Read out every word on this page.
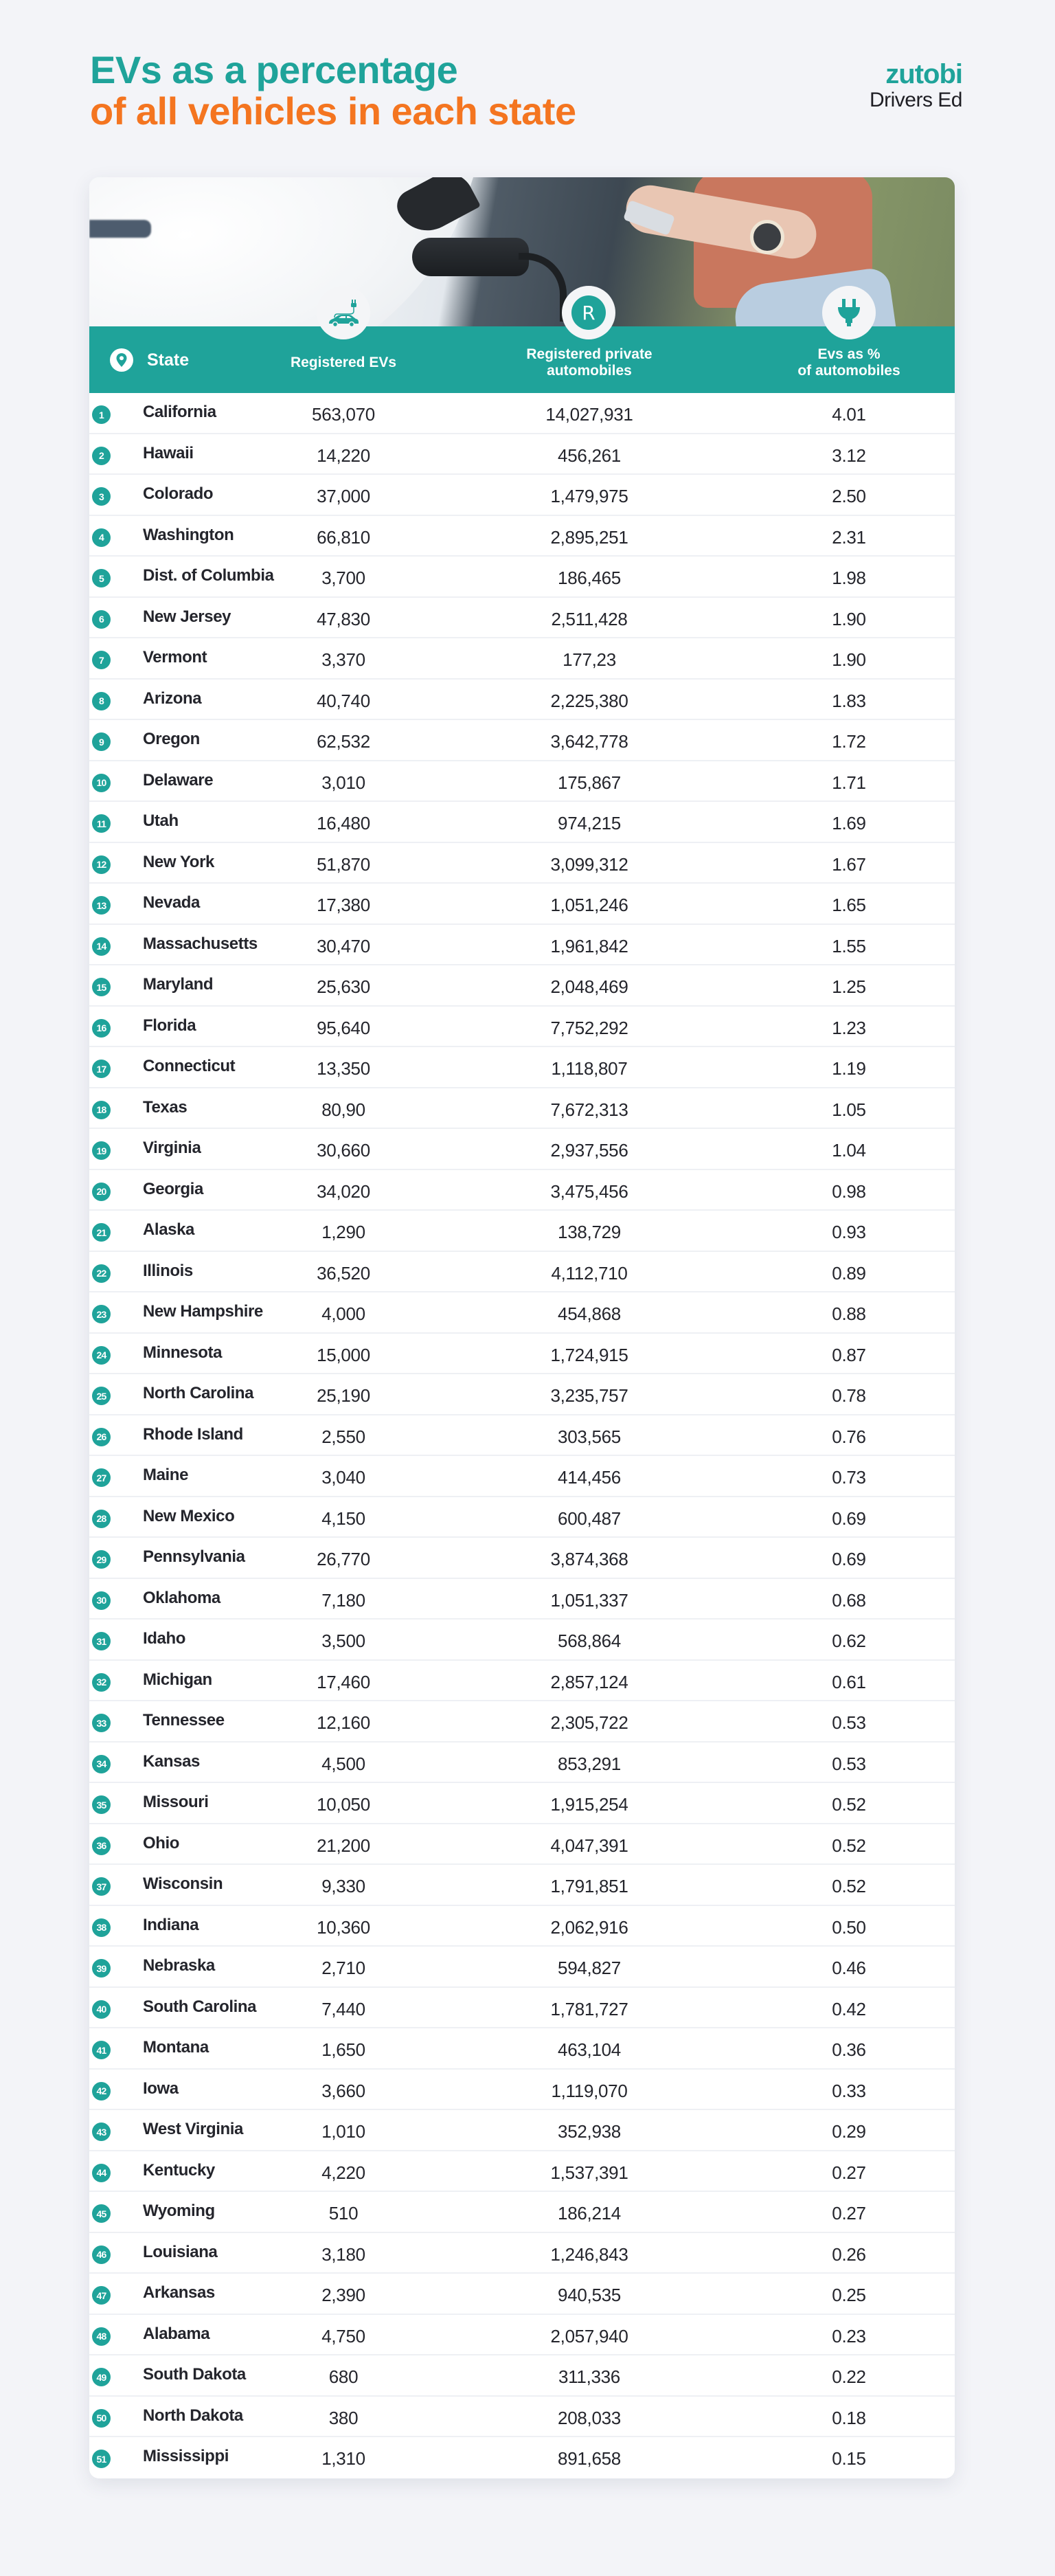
EVs as a percentage
of all vehicles in each state
zutobi
Drivers Ed
State	Registered EVs
Registered private
automobiles
Evs as %
of automobiles
R
1	California	563,070	14,027,931	4.01
2	Hawaii	14,220	456,261	3.12
3	Colorado	37,000	1,479,975	2.50
4	Washington	66,810	2,895,251	2.31
5	Dist. of Columbia	3,700	186,465	1.98
6	New Jersey	47,830	2,511,428	1.90
7	Vermont	3,370	177,23	1.90
8	Arizona	40,740	2,225,380	1.83
9	Oregon	62,532	3,642,778	1.72
10 Delaware	3,010	175,867	1.71
11 Utah	16,480	974,215	1.69
12 New York	51,870	3,099,312	1.67
13 Nevada	17,380	1,051,246	1.65
14 Massachusetts	30,470	1,961,842	1.55
15 Maryland	25,630	2,048,469	1.25
16 Florida	95,640	7,752,292	1.23
17 Connecticut	13,350	1,118,807	1.19
18 Texas	80,90	7,672,313	1.05
19 Virginia	30,660	2,937,556	1.04
20 Georgia	34,020	3,475,456	0.98
21 Alaska	1,290	138,729	0.93
22 Illinois	36,520	4,112,710	0.89
23 New Hampshire	4,000	454,868	0.88
24 Minnesota	15,000	1,724,915	0.87
25 North Carolina	25,190	3,235,757	0.78
26 Rhode Island	2,550	303,565	0.76
27 Maine	3,040	414,456	0.73
28 New Mexico	4,150	600,487	0.69
29 Pennsylvania	26,770	3,874,368	0.69
30 Oklahoma	7,180	1,051,337	0.68
31 Idaho	3,500	568,864	0.62
32 Michigan	17,460	2,857,124	0.61
33 Tennessee	12,160	2,305,722	0.53
34 Kansas	4,500	853,291	0.53
35 Missouri	10,050	1,915,254	0.52
36 Ohio	21,200	4,047,391	0.52
37 Wisconsin	9,330	1,791,851	0.52
38 Indiana	10,360	2,062,916	0.50
39 Nebraska	2,710	594,827	0.46
40 South Carolina	7,440	1,781,727	0.42
41 Montana	1,650	463,104	0.36
42 Iowa	3,660	1,119,070	0.33
43 West Virginia	1,010	352,938	0.29
44 Kentucky	4,220	1,537,391	0.27
45 Wyoming	510	186,214	0.27
46 Louisiana	3,180	1,246,843	0.26
47 Arkansas	2,390	940,535	0.25
48 Alabama	4,750	2,057,940	0.23
49 South Dakota	680	311,336	0.22
50 North Dakota	380	208,033	0.18
51 Mississippi	1,310	891,658	0.15
